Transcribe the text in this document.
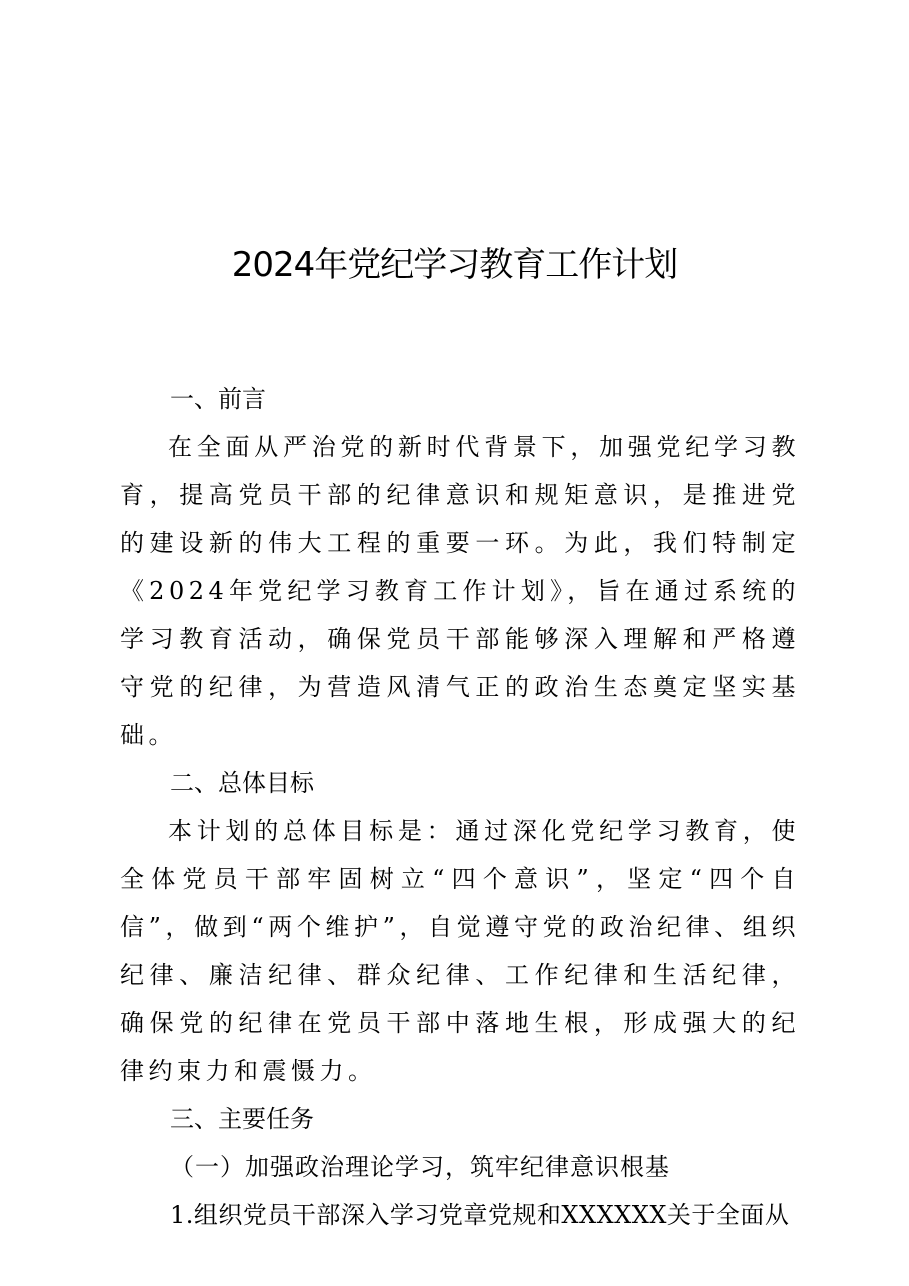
2024年党纪学习教育工作计划
一、前言

在全面从严治党的新时代背景下，加强党纪学习教育，提高党员干部的纪律意识和规矩意识，是推进党的建设新的伟大工程的重要一环。为此，我们特制定《2024年党纪学习教育工作计划》，旨在通过系统的学习教育活动，确保党员干部能够深入理解和严格遵守党的纪律，为营造风清气正的政治生态奠定坚实基础。

二、总体目标

本计划的总体目标是：通过深化党纪学习教育，使全体党员干部牢固树立“四个意识”，坚定“四个自信”，做到“两个维护”，自觉遵守党的政治纪律、组织纪律、廉洁纪律、群众纪律、工作纪律和生活纪律，确保党的纪律在党员干部中落地生根，形成强大的纪律约束力和震慑力。

三、主要任务

（一）加强政治理论学习，筑牢纪律意识根基

1.组织党员干部深入学习党章党规和XXXXXX关于全面从
